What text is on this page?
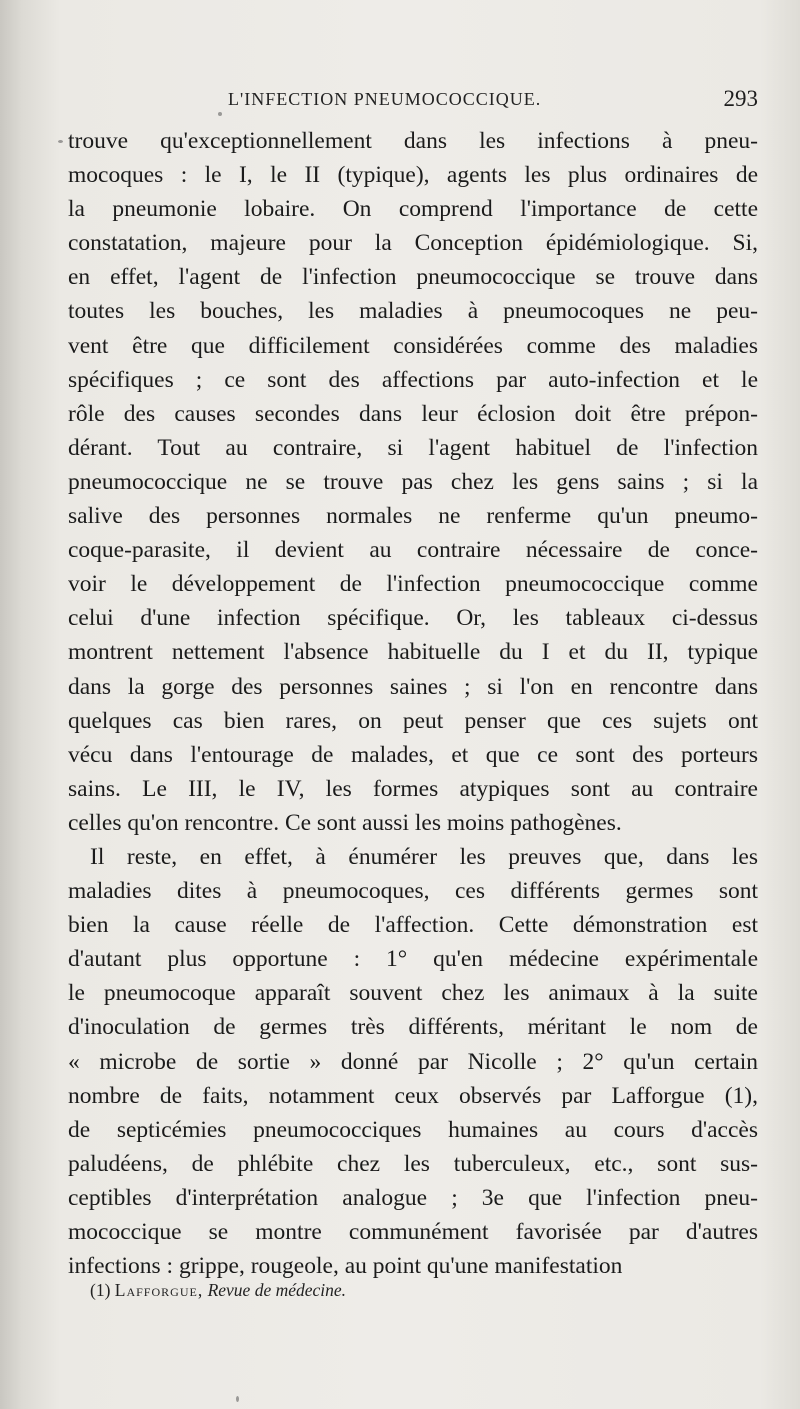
L'INFECTION PNEUMOCOCCIQUE.	293
trouve qu'exceptionnellement dans les infections à pneu-
mocoques : le I, le II (typique), agents les plus ordinaires de
la pneumonie lobaire. On comprend l'importance de cette
constatation, majeure pour la Conception épidémiologique. Si,
en effet, l'agent de l'infection pneumococcique se trouve dans
toutes les bouches, les maladies à pneumocoques ne peu-
vent être que difficilement considérées comme des maladies
spécifiques ; ce sont des affections par auto-infection et le
rôle des causes secondes dans leur éclosion doit être prépon-
dérant. Tout au contraire, si l'agent habituel de l'infection
pneumococcique ne se trouve pas chez les gens sains ; si la
salive des personnes normales ne renferme qu'un pneumo-
coque-parasite, il devient au contraire nécessaire de conce-
voir le développement de l'infection pneumococcique comme
celui d'une infection spécifique. Or, les tableaux ci-dessus
montrent nettement l'absence habituelle du I et du II, typique
dans la gorge des personnes saines ; si l'on en rencontre dans
quelques cas bien rares, on peut penser que ces sujets ont
vécu dans l'entourage de malades, et que ce sont des porteurs
sains. Le III, le IV, les formes atypiques sont au contraire
celles qu'on rencontre. Ce sont aussi les moins pathogènes.
Il reste, en effet, à énumérer les preuves que, dans les
maladies dites à pneumocoques, ces différents germes sont
bien la cause réelle de l'affection. Cette démonstration est
d'autant plus opportune : 1° qu'en médecine expérimentale
le pneumocoque apparaît souvent chez les animaux à la suite
d'inoculation de germes très différents, méritant le nom de
« microbe de sortie » donné par Nicolle ; 2° qu'un certain
nombre de faits, notamment ceux observés par Lafforgue (1),
de septicémies pneumococciques humaines au cours d'accès
paludéens, de phlébite chez les tuberculeux, etc., sont sus-
ceptibles d'interprétation analogue ; 3e que l'infection pneu-
mococcique se montre communément favorisée par d'autres
infections : grippe, rougeole, au point qu'une manifestation
(1) Lafforgue, Revue de médecine.
